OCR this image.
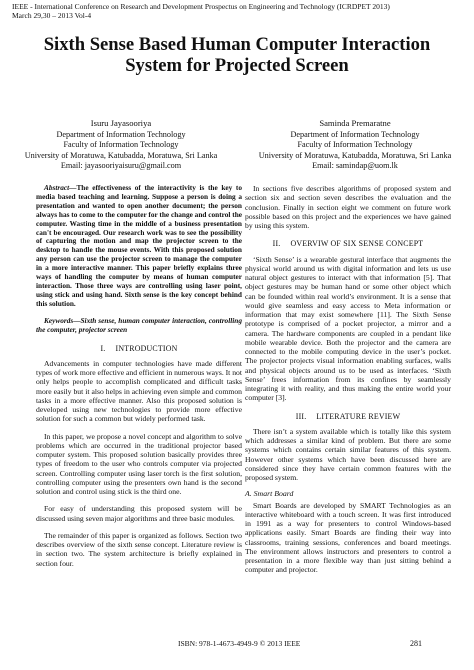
IEEE - International Conference on Research and Development Prospectus on Engineering and Technology (ICRDPET 2013)
March 29,30 – 2013 Vol-4
Sixth Sense Based Human Computer Interaction
System for Projected Screen
Isuru Jayasooriya
Department of Information Technology
Faculty of Information Technology
University of Moratuwa, Katubadda, Moratuwa, Sri Lanka
Email: jayasooriyaisuru@gmail.com
Saminda Premaratne
Department of Information Technology
Faculty of Information Technology
University of Moratuwa, Katubadda, Moratuwa, Sri Lanka
Email: samindap@uom.lk

Abstract—The effectiveness of the interactivity is the key to media based teaching and learning. Suppose a person is doing a presentation and wanted to open another document; the person always has to come to the computer for the change and control the computer. Wasting time in the middle of a business presentation can't be encouraged. Our research work was to see the possibility of capturing the motion and map the projector screen to the desktop to handle the mouse events. With this proposed solution any person can use the projector screen to manage the computer in a more interactive manner. This paper briefly explains three ways of handling the computer by means of human computer interaction. Those three ways are controlling using laser point, using stick and using hand. Sixth sense is the key concept behind this solution.

Keywords—Sixth sense, human computer interaction, controlling the computer, projector screen

I. INTRODUCTION

Advancements in computer technologies have made different types of work more effective and efficient in numerous ways. It not only helps people to accomplish complicated and difficult tasks more easily but it also helps in achieving even simple and common tasks in a more effective manner. Also this proposed solution is developed using new technologies to provide more effective solution for such a common but widely performed task.

In this paper, we propose a novel concept and algorithm to solve problems which are occurred in the traditional projector based computer system. This proposed solution basically provides three types of freedom to the user who controls computer via projected screen. Controlling computer using laser torch is the first solution, controlling computer using the presenters own hand is the second solution and control using stick is the third one.

For easy of understanding this proposed system will be discussed using seven major algorithms and three basic modules.

The remainder of this paper is organized as follows. Section two describes overview of the sixth sense concept. Literature review is in section two. The system architecture is briefly explained in section four.

In sections five describes algorithms of proposed system and section six and section seven describes the evaluation and the conclusion. Finally in section eight we comment on future work possible based on this project and the experiences we have gained by using this system.

II. OVERVIW OF SIX SENSE CONCEPT

‘Sixth Sense’ is a wearable gestural interface that augments the physical world around us with digital information and lets us use natural object gestures to interact with that information [5]. That object gestures may be human hand or some other object which can be founded within real world’s environment. It is a sense that would give seamless and easy access to Meta information or information that may exist somewhere [11]. The Sixth Sense prototype is comprised of a pocket projector, a mirror and a camera. The hardware components are coupled in a pendant like mobile wearable device. Both the projector and the camera are connected to the mobile computing device in the user’s pocket. The projector projects visual information enabling surfaces, walls and physical objects around us to be used as interfaces. ‘Sixth Sense’ frees information from its confines by seamlessly integrating it with reality, and thus making the entire world your computer [3].

III. LITERATURE REVIEW

There isn’t a system available which is totally like this system which addresses a similar kind of problem. But there are some systems which contains certain similar features of this system. However other systems which have been discussed here are considered since they have certain common features with the proposed system.

A. Smart Board

Smart Boards are developed by SMART Technologies as an interactive whiteboard with a touch screen. It was first introduced in 1991 as a way for presenters to control Windows-based applications easily. Smart Boards are finding their way into classrooms, training sessions, conferences and board meetings. The environment allows instructors and presenters to control a presentation in a more flexible way than just sitting behind a computer and projector.

ISBN: 978-1-4673-4949-9 © 2013 IEEE	281
